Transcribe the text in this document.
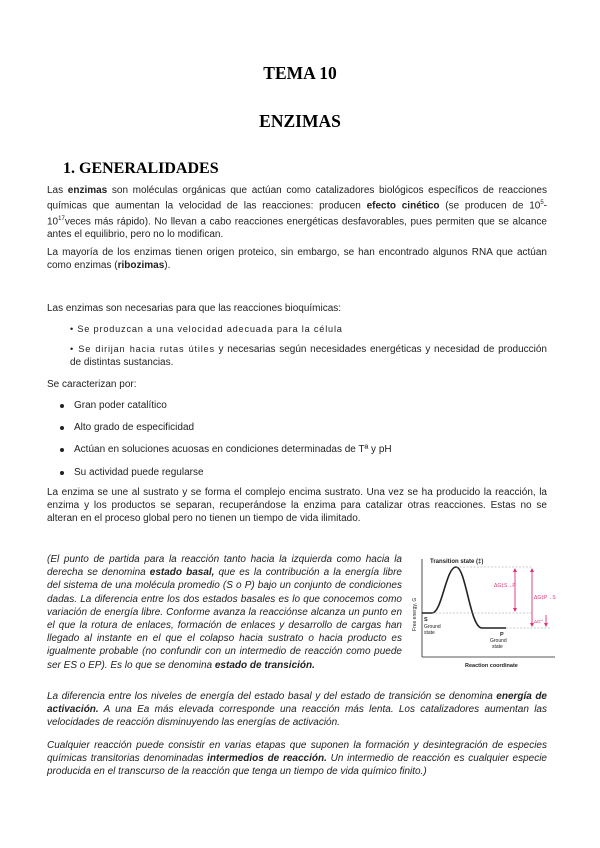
TEMA 10
ENZIMAS
1. GENERALIDADES

Las enzimas son moléculas orgánicas que actúan como catalizadores biológicos específicos de reacciones químicas que aumentan la velocidad de las reacciones: producen efecto cinético (se producen de $10^5-10^{17}veces$ más rápido). No llevan a cabo reacciones energéticas desfavorables, pues permiten que se alcance antes el equilibrio, pero no lo modifican.

La mayoría de los enzimas tienen origen proteico, sin embargo, se han encontrado algunos RNA que actúan como enzimas (ribozimas).

Las enzimas son necesarias para que las reacciones bioquímicas:

• Se produzcan a una velocidad adecuada para la célula

• Se dirijan hacia rutas útiles y necesarias según necesidades energéticas y necesidad de producción de distintas sustancias.

Se caracterizan por:

Gran poder catalítico
Alto grado de especificidad
Actúan en soluciones acuosas en condiciones determinadas de Tª y pH
Su actividad puede regularse

La enzima se une al sustrato y se forma el complejo encima sustrato. Una vez se ha producido la reacción, la enzima y los productos se separan, recuperándose la enzima para catalizar otras reacciones. Estas no se alteran en el proceso global pero no tienen un tiempo de vida ilimitado.

(El punto de partida para la reacción tanto hacia la izquierda como hacia la derecha se denomina estado basal, que es la contribución a la energía libre del sistema de una molécula promedio (S o P) bajo un conjunto de condiciones dadas. La diferencia entre los dos estados basales es lo que conocemos como variación de energía libre. Conforme avanza la reacciónse alcanza un punto en el que la rotura de enlaces, formación de enlaces y desarrollo de cargas han llegado al instante en el que el colapso hacia sustrato o hacia producto es igualmente probable (no confundir con un intermedio de reacción como puede ser ES o EP). Es lo que se denomina estado de transición.

Transition state (‡)
Free energy, G
Reaction coordinate
ΔG‡S→P
ΔG‡P→S
ΔG'°
S
Ground
state	P
Ground
state

La diferencia entre los niveles de energía del estado basal y del estado de transición se denomina energía de activación. A una Ea más elevada corresponde una reacción más lenta. Los catalizadores aumentan las velocidades de reacción disminuyendo las energías de activación.

Cualquier reacción puede consistir en varias etapas que suponen la formación y desintegración de especies químicas transitorias denominadas intermedios de reacción. Un intermedio de reacción es cualquier especie producida en el transcurso de la reacción que tenga un tiempo de vida químico finito.)
